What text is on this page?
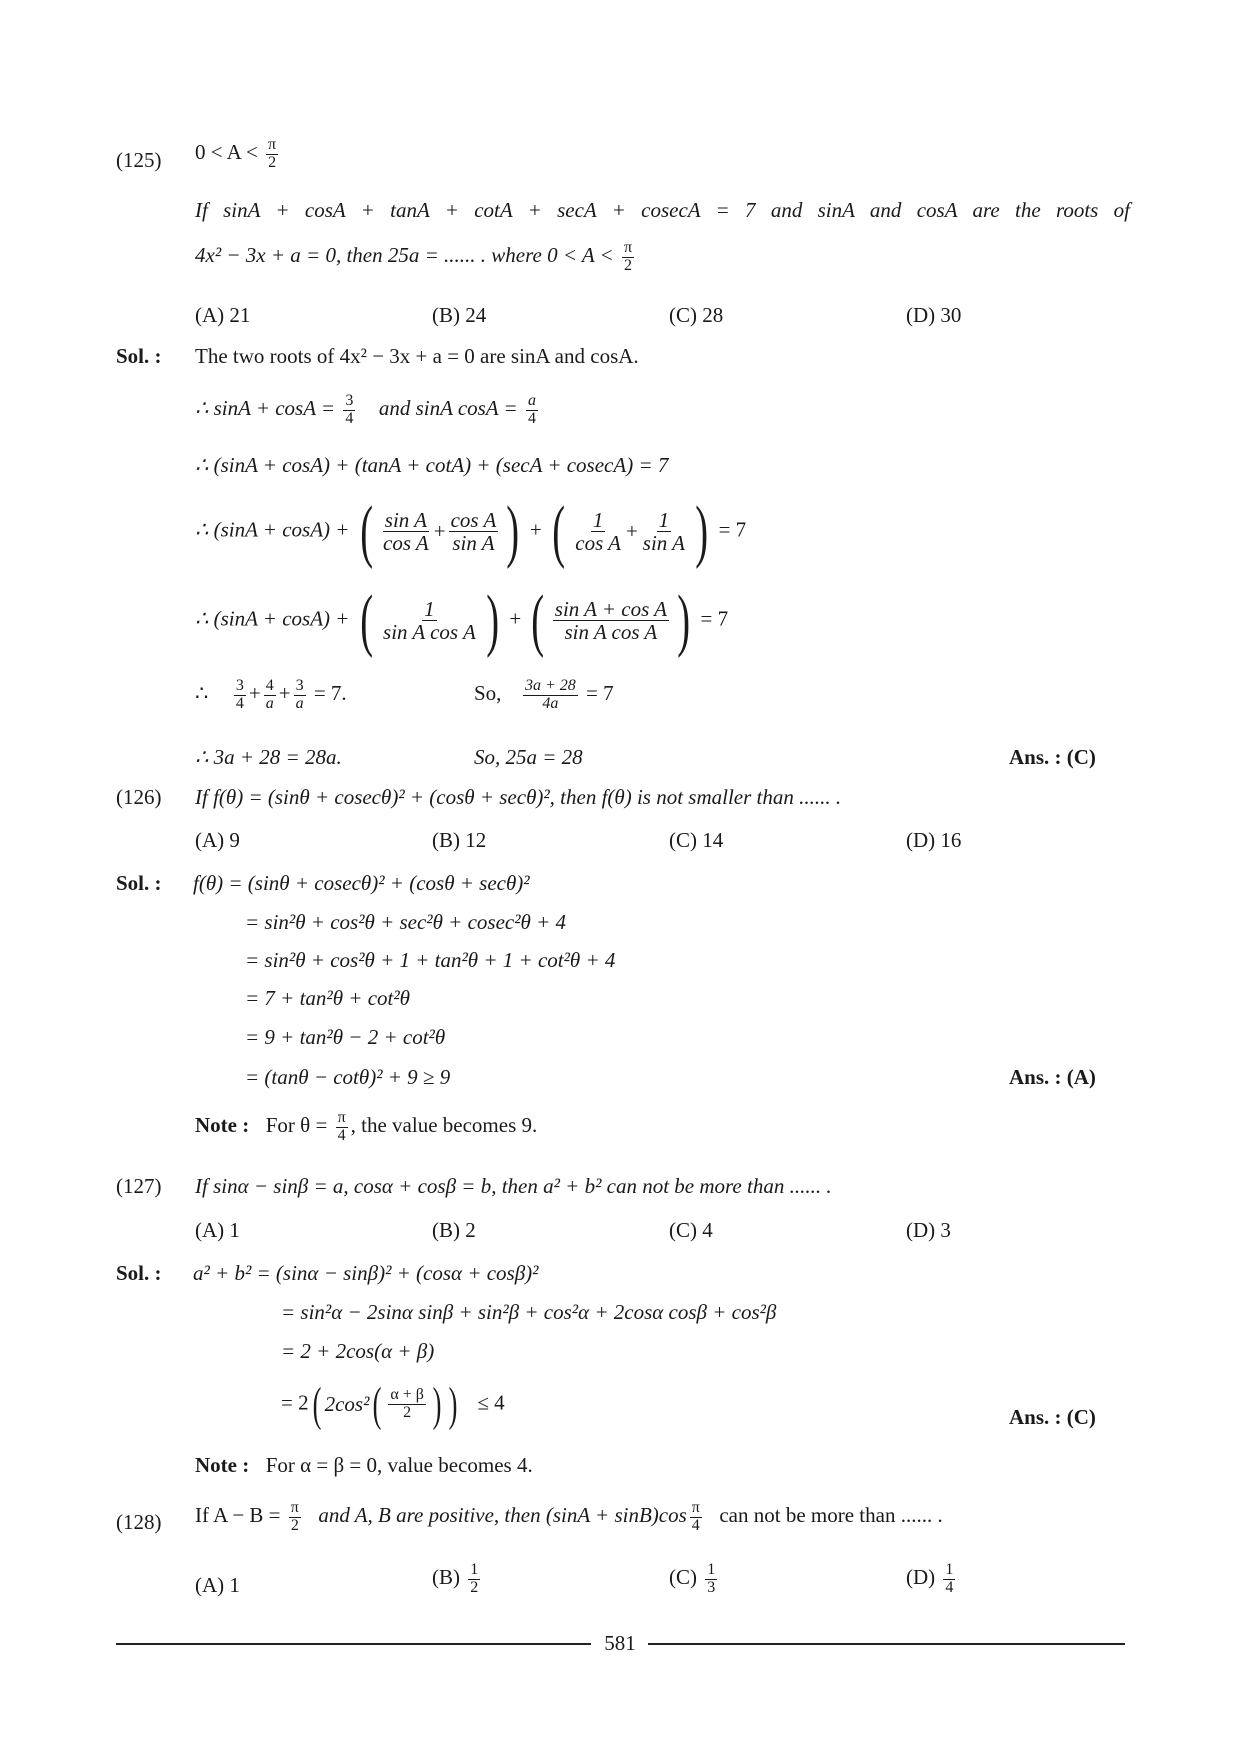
(125) $0 < A < \frac{\pi}{2}$
If sinA + cosA + tanA + cotA + secA + cosecA = 7 and sinA and cosA are the roots of
4x² − 3x + a = 0, then 25a = ...... . where $0 < A < \frac{\pi}{2}$
(A) 21	(B) 24	(C) 28	(D) 30
Sol. : The two roots of 4x² − 3x + a = 0 are sinA and cosA.
∴ $\sin A + \cos A = \frac{3}{4}$ and sinA $\cos A = \frac{a}{4}$
∴ (sinA + cosA) + (tanA + cotA) + (secA + cosecA) = 7
∴ (sinA + cosA) + ( $\frac{\text{sin A}}{\text{cos A}} + \frac{\text{cos A}}{\text{sin A}}$ ) + ( $\frac{1}{\text{cos A}} + \frac{1}{\text{sin A}}$ ) = 7
∴ (sinA + cosA) + ( $\frac{1}{\text{sin A cos A}}$ ) + ( $\frac{\text{sin A + cos A}}{\text{sin A cos A}}$ ) = 7
∴ $\frac{3}{4} + \frac{4}{a} + \frac{3}{a} = 7$.	So, $\frac{3a + 28}{4a} = 7$
∴ 3a + 28 = 28a.	So, 25a = 28	Ans. : (C)
(126) If f(θ) = (sinθ + cosecθ)² + (cosθ + secθ)², then f(θ) is not smaller than ...... .
(A) 9	(B) 12	(C) 14	(D) 16
Sol. : f(θ) = (sinθ + cosecθ)² + (cosθ + secθ)²
= sin²θ + cos²θ + sec²θ + cosec²θ + 4
= sin²θ + cos²θ + 1 + tan²θ + 1 + cot²θ + 4
= 7 + tan²θ + cot²θ
= 9 + tan²θ − 2 + cot²θ
= (tanθ − cotθ)² + 9 ≥ 9	Ans. : (A)
Note : For $\theta = \frac{\pi}{4}$ , the value becomes 9.
(127) If sinα − sinβ = a, cosα + cosβ = b, then a² + b² can not be more than ...... .
(A) 1	(B) 2	(C) 4	(D) 3
Sol. : a² + b² = (sinα − sinβ)² + (cosα + cosβ)²
= sin²α − 2sinα sinβ + sin²β + cos²α + 2cosα cosβ + cos²β
= 2 + 2cos(α + β)
= 2 ( 2cos² ( $\frac{\alpha + \beta}{2}$ ) ) ≤ 4
Ans. : (C)
Note : For α = β = 0, value becomes 4.
(128) If $A - B = \frac{\pi}{2}$ and A, B are positive, then $(\sin A + \sin B)\cos \frac{\pi}{4}$ can not be more than ...... .
(A) 1	$(B) \frac{1}{2}$	$(C) \frac{1}{3}$	$(D) \frac{1}{4}$
581
